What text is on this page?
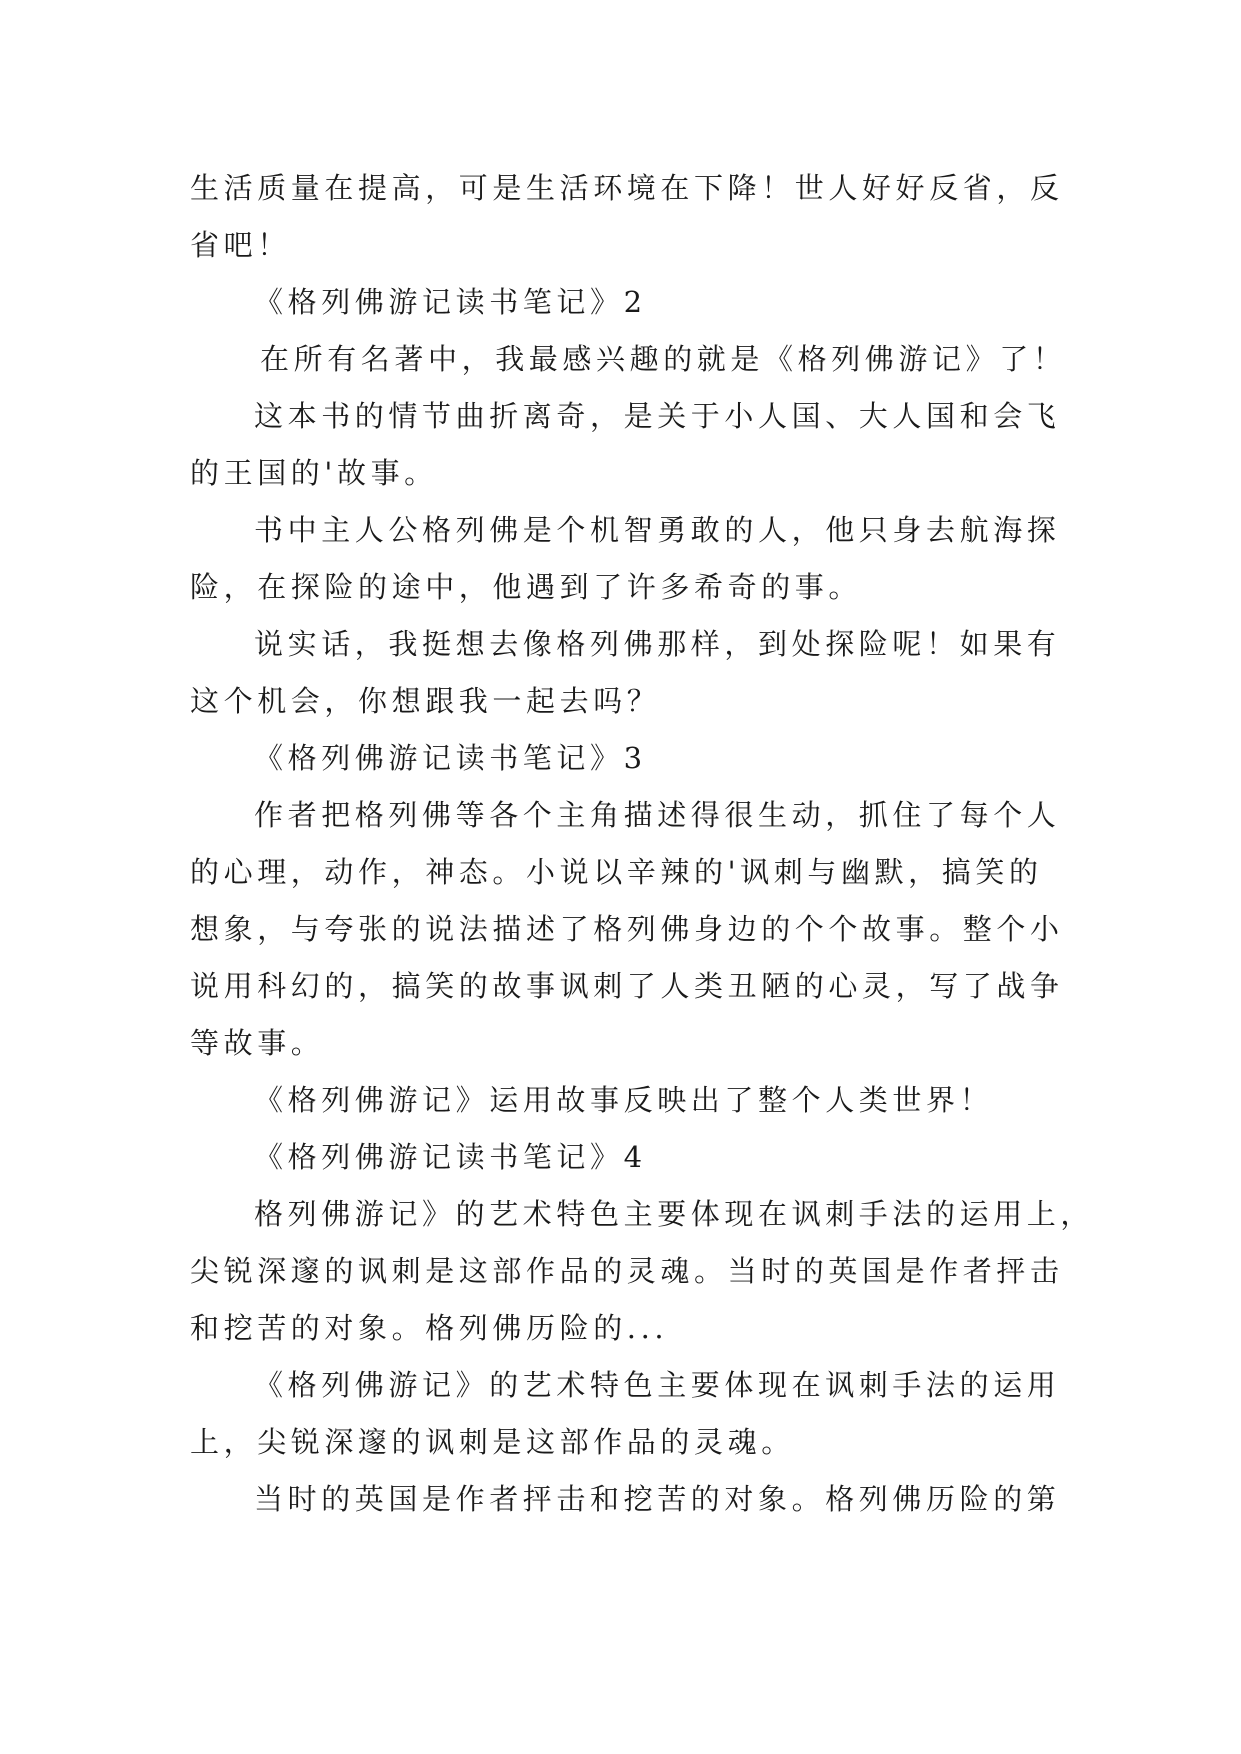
生活质量在提高，可是生活环境在下降！世人好好反省，反
省吧！
《格列佛游记读书笔记》2
在所有名著中，我最感兴趣的就是《格列佛游记》了！
这本书的情节曲折离奇，是关于小人国、大人国和会飞
的王国的'故事。
书中主人公格列佛是个机智勇敢的人，他只身去航海探
险，在探险的途中，他遇到了许多希奇的事。
说实话，我挺想去像格列佛那样，到处探险呢！如果有
这个机会，你想跟我一起去吗？
《格列佛游记读书笔记》3
作者把格列佛等各个主角描述得很生动，抓住了每个人
的心理，动作，神态。小说以辛辣的'讽刺与幽默，搞笑的
想象，与夸张的说法描述了格列佛身边的个个故事。整个小
说用科幻的，搞笑的故事讽刺了人类丑陋的心灵，写了战争
等故事。
《格列佛游记》运用故事反映出了整个人类世界！
《格列佛游记读书笔记》4
格列佛游记》的艺术特色主要体现在讽刺手法的运用上，
尖锐深邃的讽刺是这部作品的灵魂。当时的英国是作者抨击
和挖苦的对象。格列佛历险的...
《格列佛游记》的艺术特色主要体现在讽刺手法的运用
上，尖锐深邃的讽刺是这部作品的灵魂。
当时的英国是作者抨击和挖苦的对象。格列佛历险的第
